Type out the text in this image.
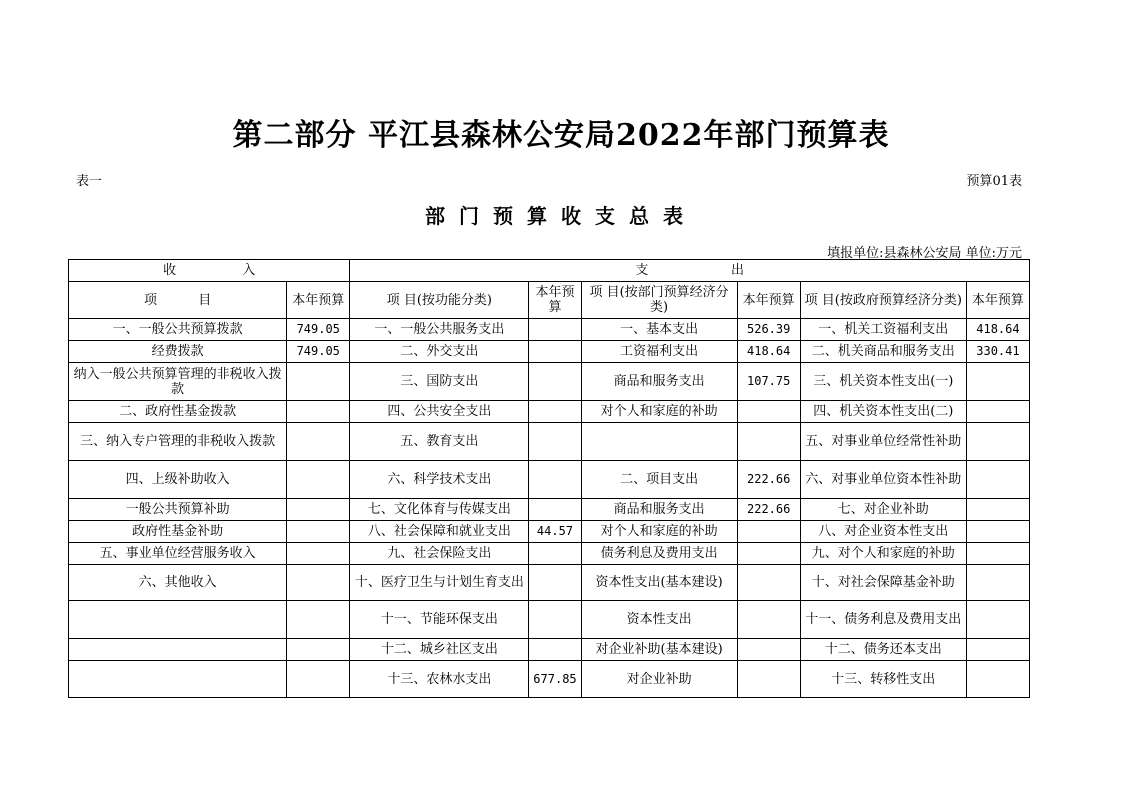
第二部分 平江县森林公安局2022年部门预算表
表一	预算01表
部门预算收支总表
填报单位:县森林公安局 单位:万元
收                入		支                    出					
项          目	本年预算	项 目(按功能分类)	本年预算	项 目(按部门预算经济分类)	本年预算	项 目(按政府预算经济分类)	本年预算
一、一般公共预算拨款	749.05	一、一般公共服务支出		一、基本支出	526.39	一、机关工资福利支出	418.64
经费拨款	749.05	二、外交支出		工资福利支出	418.64	二、机关商品和服务支出	330.41
纳入一般公共预算管理的非税收入拨款		三、国防支出		商品和服务支出	107.75	三、机关资本性支出(一)	
二、政府性基金拨款		四、公共安全支出		对个人和家庭的补助		四、机关资本性支出(二)	
三、纳入专户管理的非税收入拨款		五、教育支出				五、对事业单位经常性补助	
四、上级补助收入		六、科学技术支出		二、项目支出	222.66	六、对事业单位资本性补助	
一般公共预算补助		七、文化体育与传媒支出		商品和服务支出	222.66	七、对企业补助	
政府性基金补助		八、社会保障和就业支出	44.57	对个人和家庭的补助		八、对企业资本性支出	
五、事业单位经营服务收入		九、社会保险支出		债务利息及费用支出		九、对个人和家庭的补助	
六、其他收入		十、医疗卫生与计划生育支出		资本性支出(基本建设)		十、对社会保障基金补助	
		十一、节能环保支出		资本性支出		十一、债务利息及费用支出	
		十二、城乡社区支出		对企业补助(基本建设)		十二、债务还本支出	
		十三、农林水支出	677.85	对企业补助		十三、转移性支出	
